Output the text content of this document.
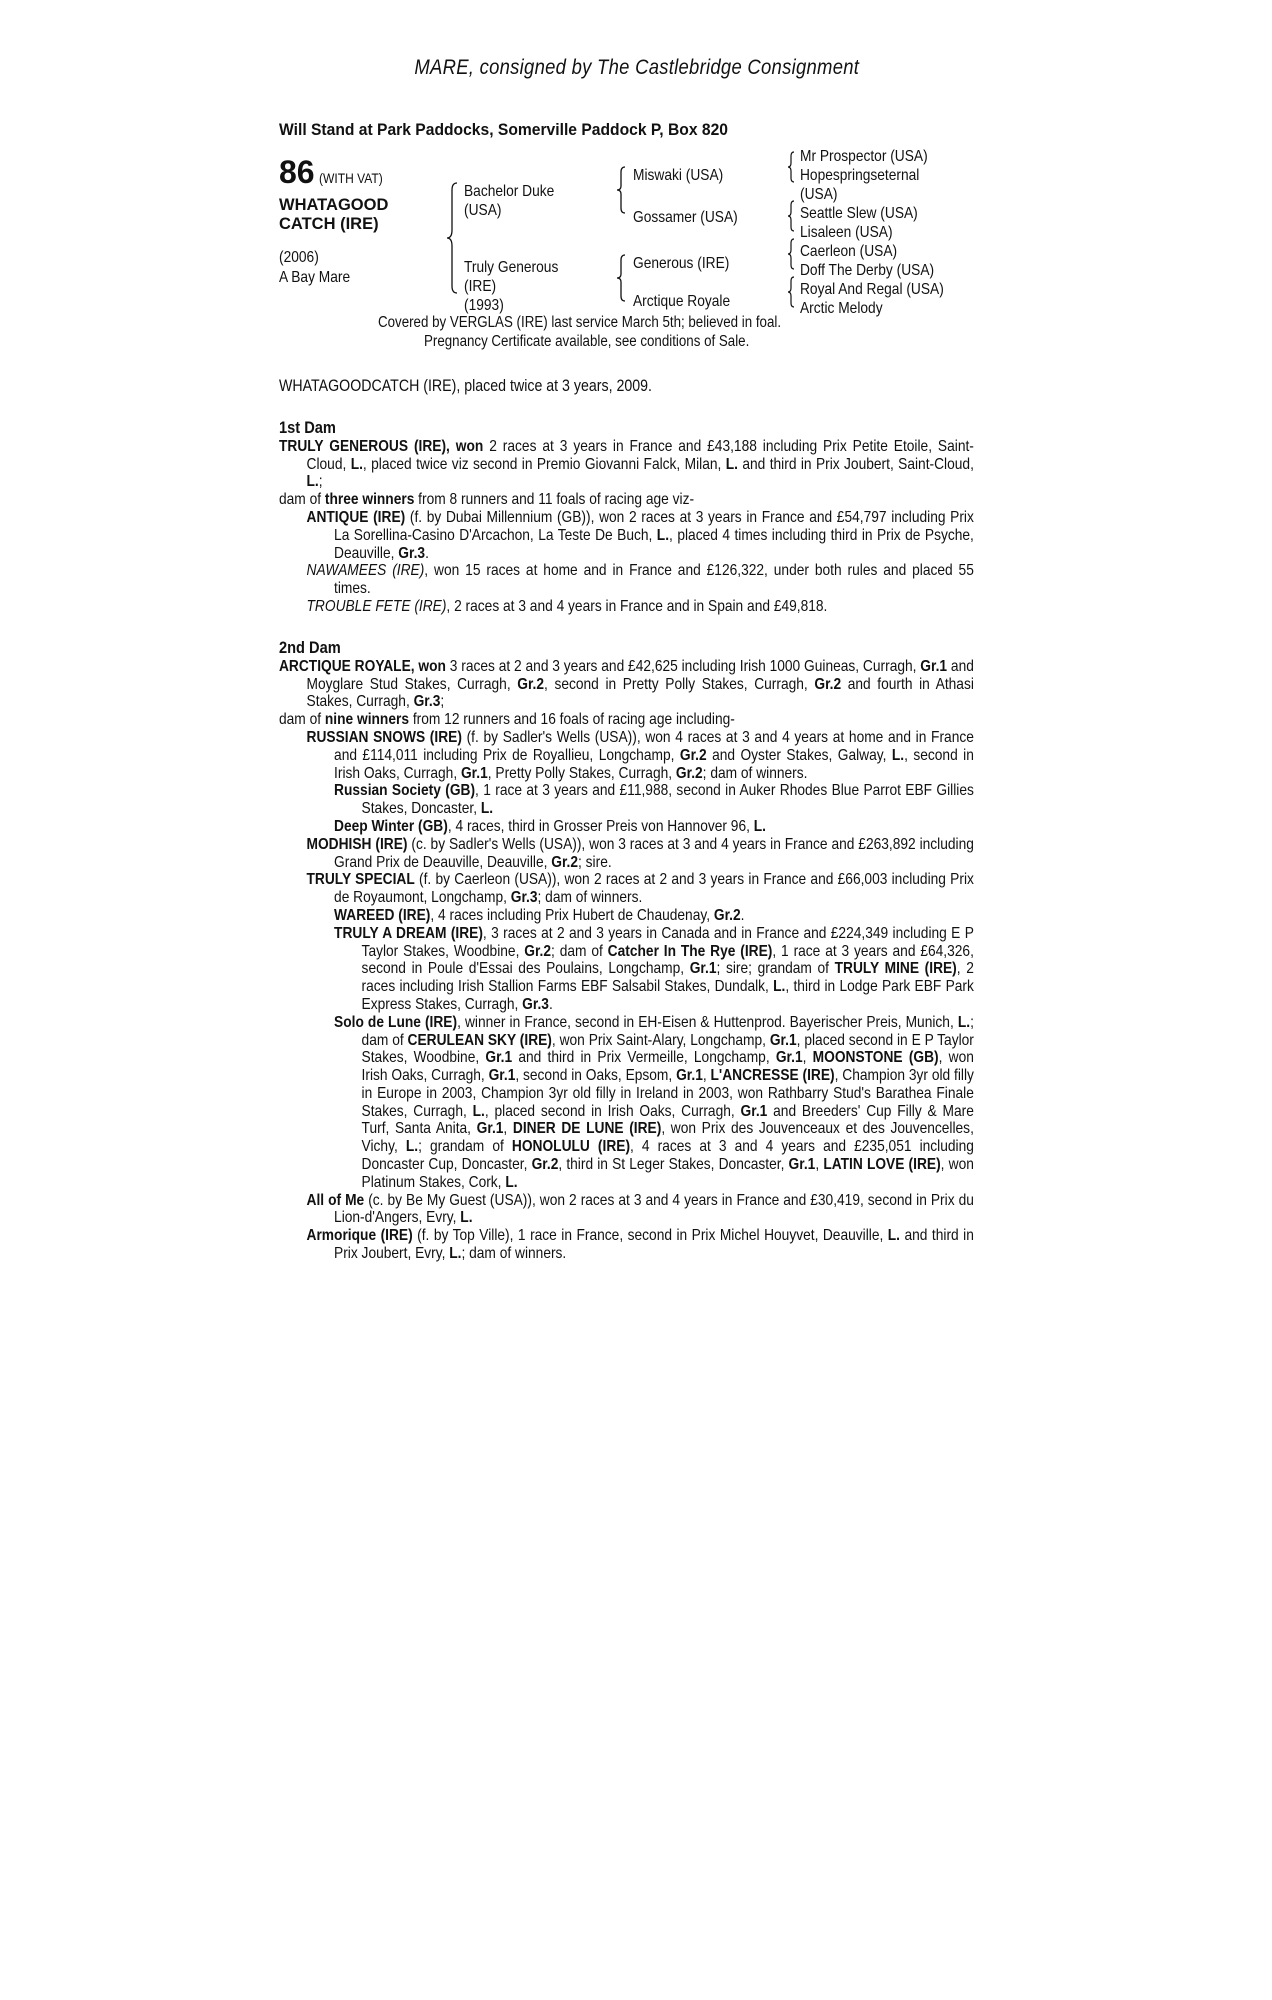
MARE, consigned by The Castlebridge Consignment
Will Stand at Park Paddocks, Somerville Paddock P, Box 820
86 (WITH VAT)
WHATAGOOD
CATCH (IRE)
(2006)
A Bay Mare
Bachelor Duke
(USA)
Truly Generous
(IRE)
(1993)
Miswaki (USA)
Gossamer (USA)
Generous (IRE)
Arctique Royale
Mr Prospector (USA)
Hopespringseternal
(USA)
Seattle Slew (USA)
Lisaleen (USA)
Caerleon (USA)
Doff The Derby (USA)
Royal And Regal (USA)
Arctic Melody
Covered by VERGLAS (IRE) last service March 5th; believed in foal.
Pregnancy Certificate available, see conditions of Sale.
WHATAGOODCATCH (IRE), placed twice at 3 years, 2009.
1st Dam
TRULY GENEROUS (IRE), won 2 races at 3 years in France and £43,188 including Prix Petite Etoile, Saint-Cloud, L., placed twice viz second in Premio Giovanni Falck, Milan, L. and third in Prix Joubert, Saint-Cloud, L.;
dam of three winners from 8 runners and 11 foals of racing age viz-
ANTIQUE (IRE) (f. by Dubai Millennium (GB)), won 2 races at 3 years in France and £54,797 including Prix La Sorellina-Casino D'Arcachon, La Teste De Buch, L., placed 4 times including third in Prix de Psyche, Deauville, Gr.3.
NAWAMEES (IRE), won 15 races at home and in France and £126,322, under both rules and placed 55 times.
TROUBLE FETE (IRE), 2 races at 3 and 4 years in France and in Spain and £49,818.
2nd Dam
ARCTIQUE ROYALE, won 3 races at 2 and 3 years and £42,625 including Irish 1000 Guineas, Curragh, Gr.1 and Moyglare Stud Stakes, Curragh, Gr.2, second in Pretty Polly Stakes, Curragh, Gr.2 and fourth in Athasi Stakes, Curragh, Gr.3;
dam of nine winners from 12 runners and 16 foals of racing age including-
RUSSIAN SNOWS (IRE) (f. by Sadler's Wells (USA)), won 4 races at 3 and 4 years at home and in France and £114,011 including Prix de Royallieu, Longchamp, Gr.2 and Oyster Stakes, Galway, L., second in Irish Oaks, Curragh, Gr.1, Pretty Polly Stakes, Curragh, Gr.2; dam of winners.
Russian Society (GB), 1 race at 3 years and £11,988, second in Auker Rhodes Blue Parrot EBF Gillies Stakes, Doncaster, L.
Deep Winter (GB), 4 races, third in Grosser Preis von Hannover 96, L.
MODHISH (IRE) (c. by Sadler's Wells (USA)), won 3 races at 3 and 4 years in France and £263,892 including Grand Prix de Deauville, Deauville, Gr.2; sire.
TRULY SPECIAL (f. by Caerleon (USA)), won 2 races at 2 and 3 years in France and £66,003 including Prix de Royaumont, Longchamp, Gr.3; dam of winners.
WAREED (IRE), 4 races including Prix Hubert de Chaudenay, Gr.2.
TRULY A DREAM (IRE), 3 races at 2 and 3 years in Canada and in France and £224,349 including E P Taylor Stakes, Woodbine, Gr.2; dam of Catcher In The Rye (IRE), 1 race at 3 years and £64,326, second in Poule d'Essai des Poulains, Longchamp, Gr.1; sire; grandam of TRULY MINE (IRE), 2 races including Irish Stallion Farms EBF Salsabil Stakes, Dundalk, L., third in Lodge Park EBF Park Express Stakes, Curragh, Gr.3.
Solo de Lune (IRE), winner in France, second in EH-Eisen & Huttenprod. Bayerischer Preis, Munich, L.; dam of CERULEAN SKY (IRE), won Prix Saint-Alary, Longchamp, Gr.1, placed second in E P Taylor Stakes, Woodbine, Gr.1 and third in Prix Vermeille, Longchamp, Gr.1, MOONSTONE (GB), won Irish Oaks, Curragh, Gr.1, second in Oaks, Epsom, Gr.1, L'ANCRESSE (IRE), Champion 3yr old filly in Europe in 2003, Champion 3yr old filly in Ireland in 2003, won Rathbarry Stud's Barathea Finale Stakes, Curragh, L., placed second in Irish Oaks, Curragh, Gr.1 and Breeders' Cup Filly & Mare Turf, Santa Anita, Gr.1, DINER DE LUNE (IRE), won Prix des Jouvenceaux et des Jouvencelles, Vichy, L.; grandam of HONOLULU (IRE), 4 races at 3 and 4 years and £235,051 including Doncaster Cup, Doncaster, Gr.2, third in St Leger Stakes, Doncaster, Gr.1, LATIN LOVE (IRE), won Platinum Stakes, Cork, L.
All of Me (c. by Be My Guest (USA)), won 2 races at 3 and 4 years in France and £30,419, second in Prix du Lion-d'Angers, Evry, L.
Armorique (IRE) (f. by Top Ville), 1 race in France, second in Prix Michel Houyvet, Deauville, L. and third in Prix Joubert, Evry, L.; dam of winners.
